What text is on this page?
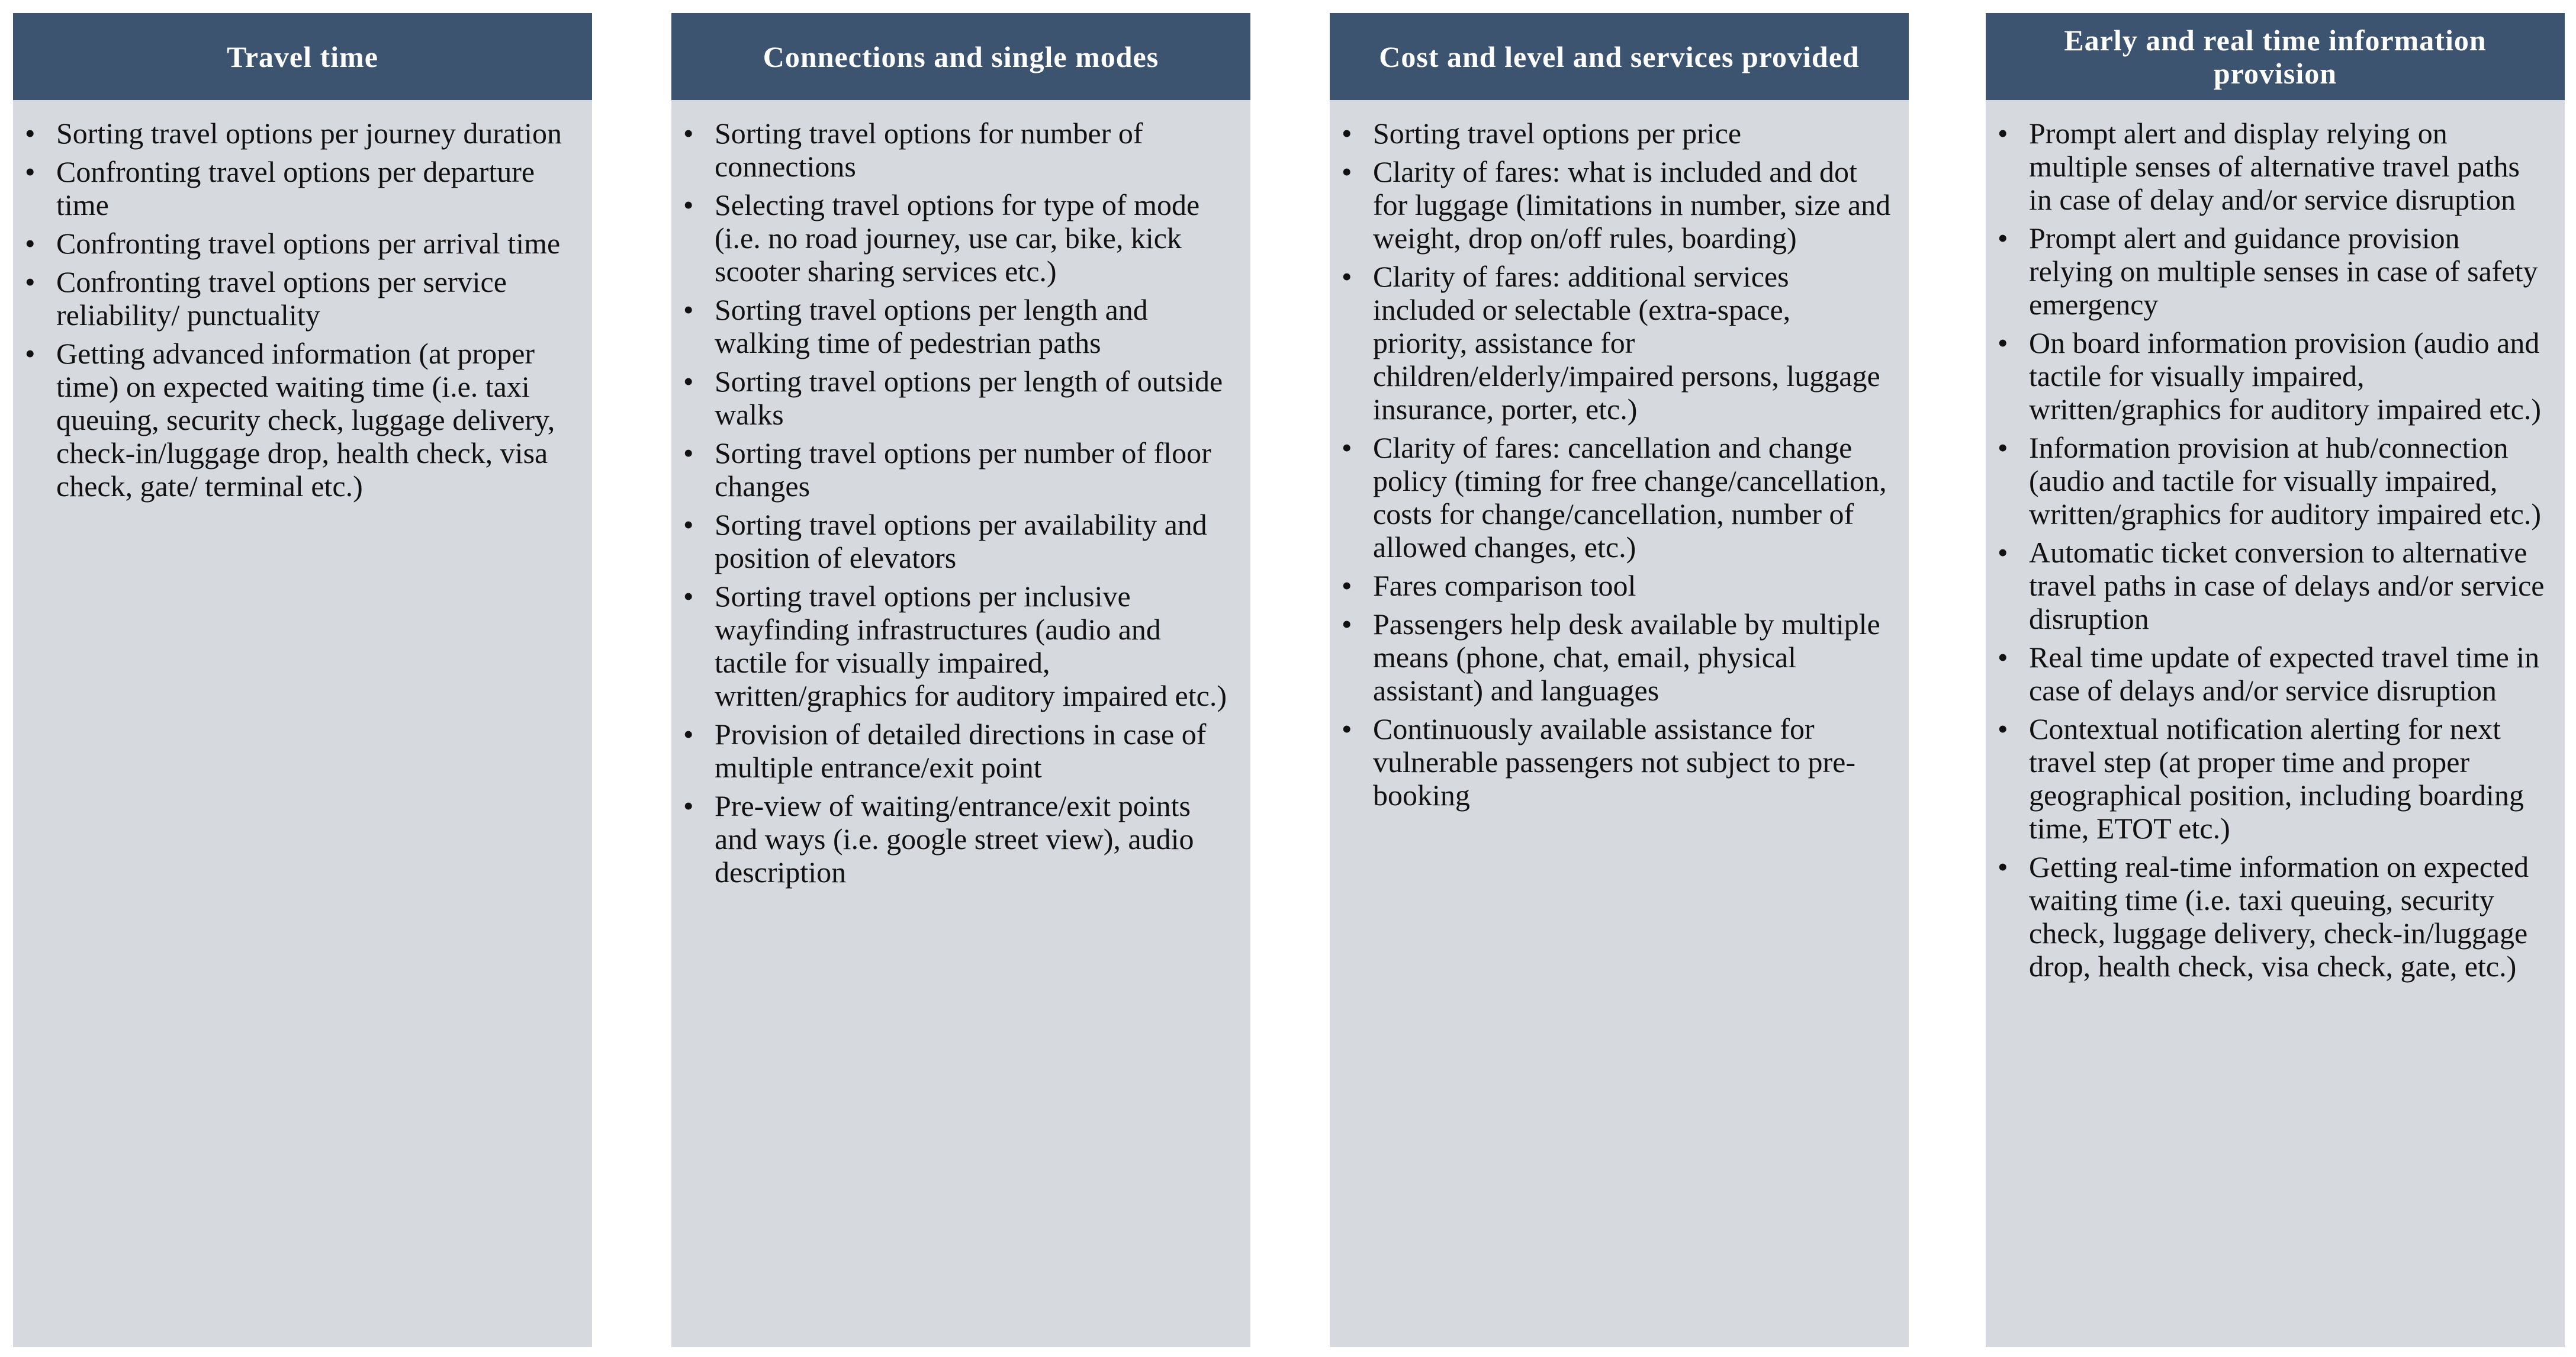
Travel time
• Sorting travel options per journey duration
• Confronting travel options per departure time
• Confronting travel options per arrival time
• Confronting travel options per service reliability/ punctuality
• Getting advanced information (at proper time) on expected waiting time (i.e. taxi queuing, security check, luggage delivery, check-in/luggage drop, health check, visa check, gate/ terminal etc.)
Connections and single modes
• Sorting travel options for number of connections
• Selecting travel options for type of mode (i.e. no road journey, use car, bike, kick scooter sharing services etc.)
• Sorting travel options per length and walking time of pedestrian paths
• Sorting travel options per length of outside walks
• Sorting travel options per number of floor changes
• Sorting travel options per availability and position of elevators
• Sorting travel options per inclusive wayfinding infrastructures (audio and tactile for visually impaired, written/graphics for auditory impaired etc.)
• Provision of detailed directions in case of multiple entrance/exit point
• Pre-view of waiting/entrance/exit points and ways (i.e. google street view), audio description
Cost and level and services provided
• Sorting travel options per price
• Clarity of fares: what is included and dot for luggage (limitations in number, size and weight, drop on/off rules, boarding)
• Clarity of fares: additional services included or selectable (extra-space, priority, assistance for children/elderly/impaired persons, luggage insurance, porter, etc.)
• Clarity of fares: cancellation and change policy (timing for free change/cancellation, costs for change/cancellation, number of allowed changes, etc.)
• Fares comparison tool
• Passengers help desk available by multiple means (phone, chat, email, physical assistant) and languages
• Continuously available assistance for vulnerable passengers not subject to pre-booking
Early and real time information provision
• Prompt alert and display relying on multiple senses of alternative travel paths in case of delay and/or service disruption
• Prompt alert and guidance provision relying on multiple senses in case of safety emergency
• On board information provision (audio and tactile for visually impaired, written/graphics for auditory impaired etc.)
• Information provision at hub/connection (audio and tactile for visually impaired, written/graphics for auditory impaired etc.)
• Automatic ticket conversion to alternative travel paths in case of delays and/or service disruption
• Real time update of expected travel time in case of delays and/or service disruption
• Contextual notification alerting for next travel step (at proper time and proper geographical position, including boarding time, ETOT etc.)
• Getting real-time information on expected waiting time (i.e. taxi queuing, security check, luggage delivery, check-in/luggage drop, health check, visa check, gate, etc.)
